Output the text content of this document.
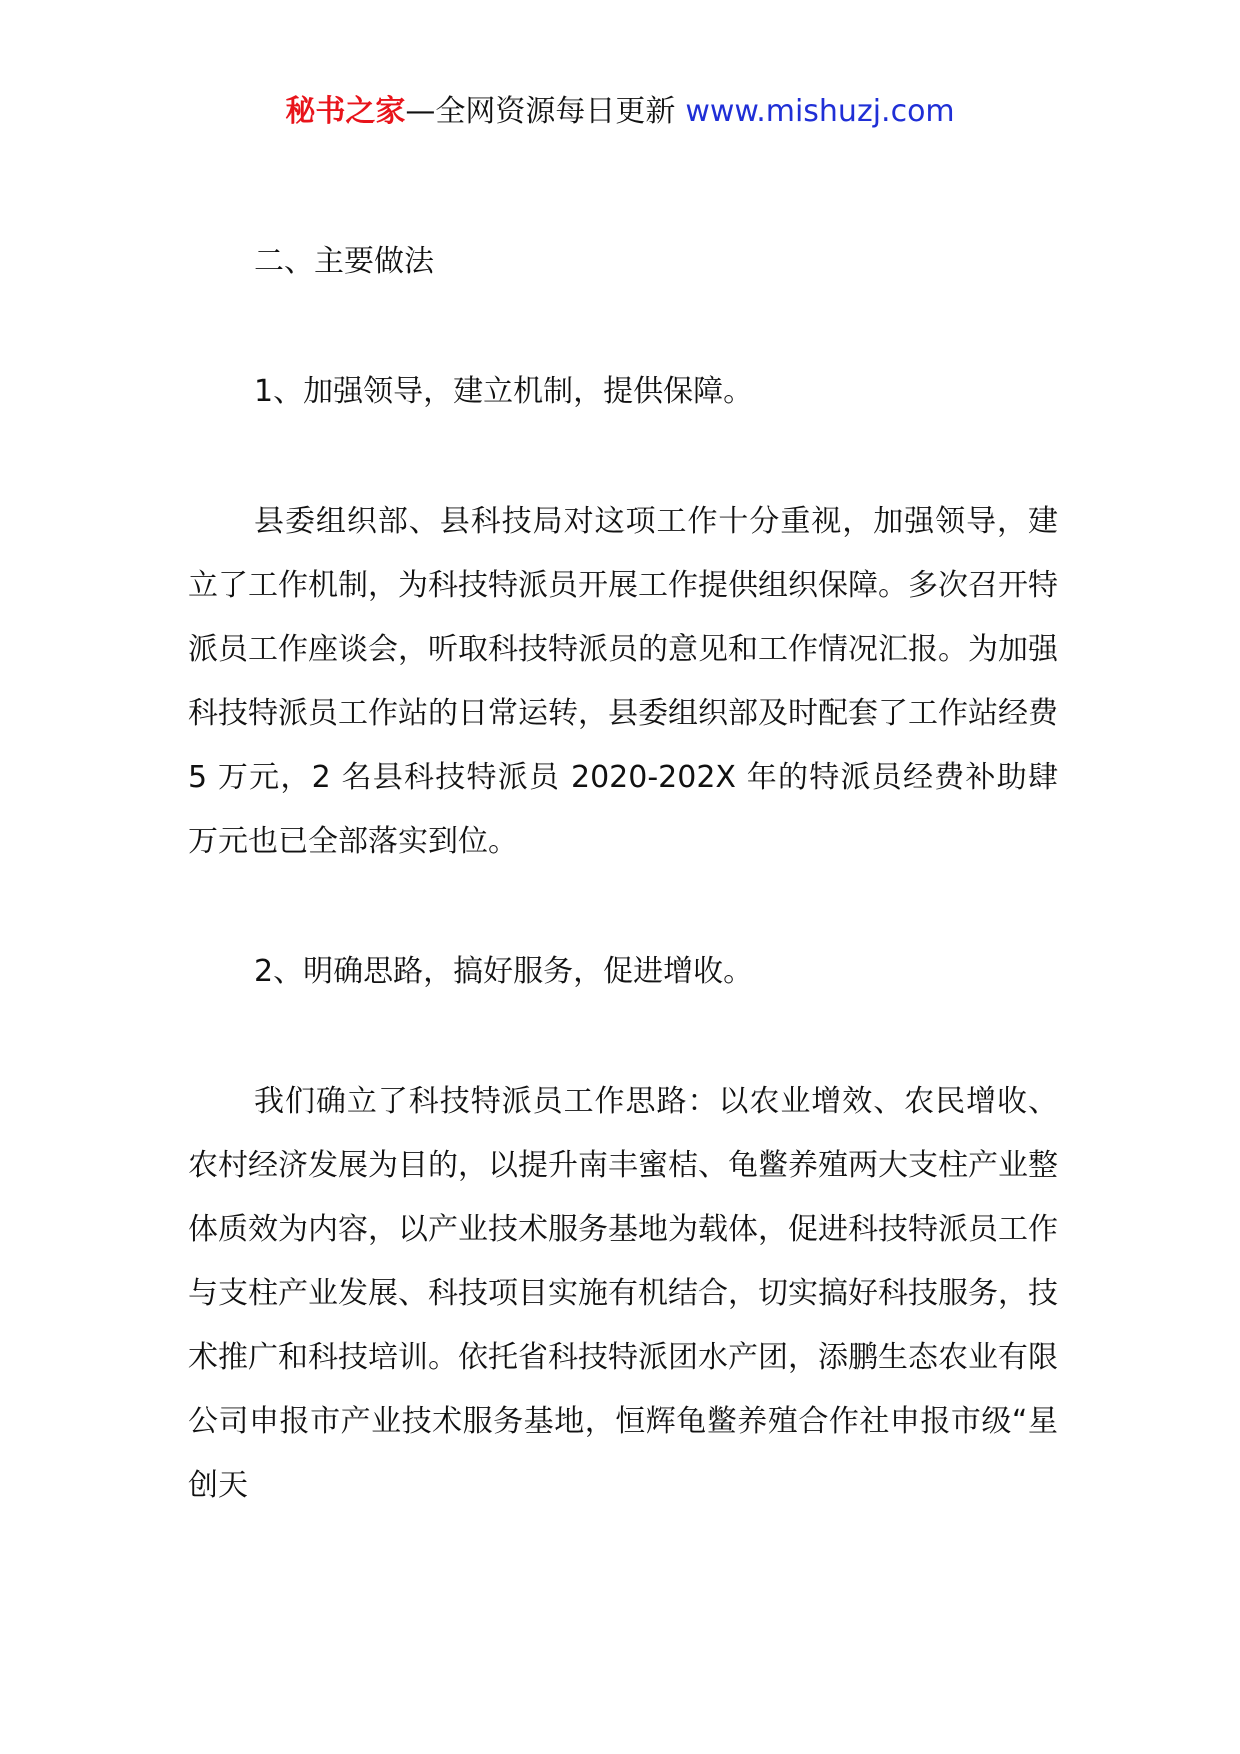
秘书之家—全网资源每日更新 www.mishuzj.com

二、主要做法

1、加强领导，建立机制，提供保障。

县委组织部、县科技局对这项工作十分重视，加强领导，建立了工作机制，为科技特派员开展工作提供组织保障。多次召开特派员工作座谈会，听取科技特派员的意见和工作情况汇报。为加强科技特派员工作站的日常运转，县委组织部及时配套了工作站经费 5 万元，2 名县科技特派员 2020-202X 年的特派员经费补助肆万元也已全部落实到位。

2、明确思路，搞好服务，促进增收。

我们确立了科技特派员工作思路：以农业增效、农民增收、农村经济发展为目的，以提升南丰蜜桔、龟鳖养殖两大支柱产业整体质效为内容，以产业技术服务基地为载体，促进科技特派员工作与支柱产业发展、科技项目实施有机结合，切实搞好科技服务，技术推广和科技培训。依托省科技特派团水产团，添鹏生态农业有限公司申报市产业技术服务基地，恒辉龟鳖养殖合作社申报市级“星创天
